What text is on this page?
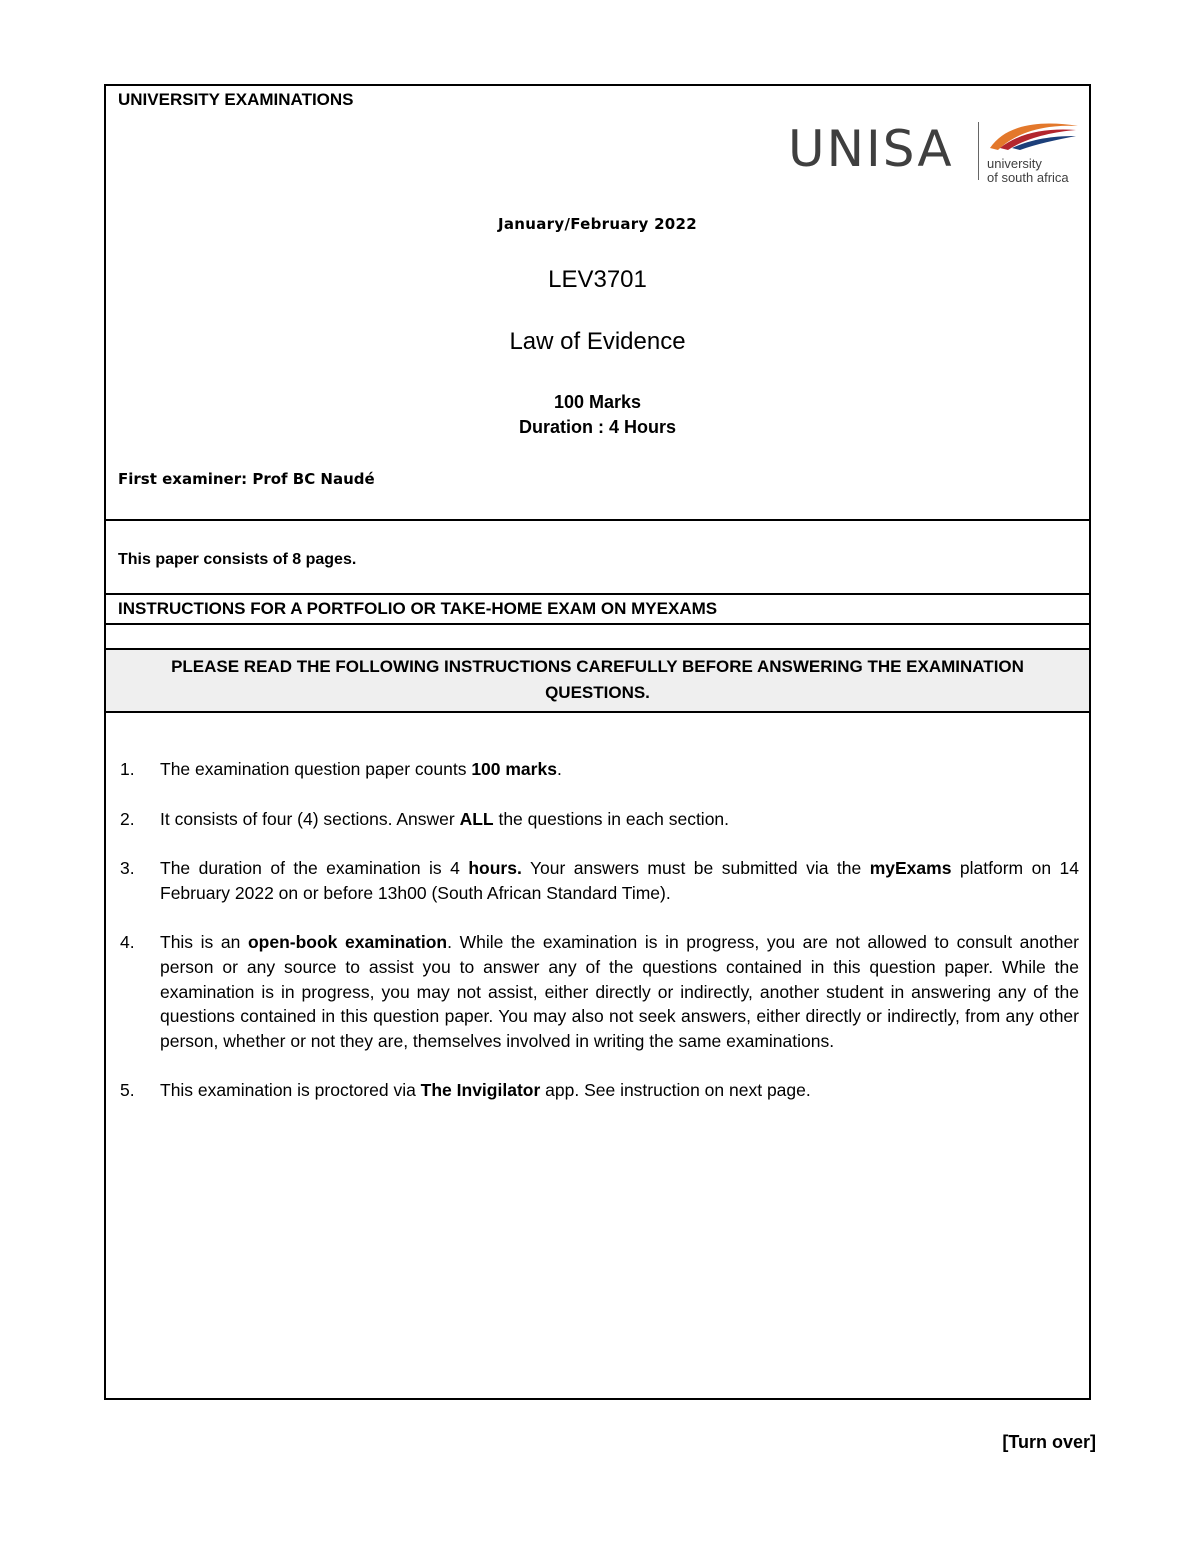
UNIVERSITY EXAMINATIONS
UNISA	university
of south africa
January/February 2022
LEV3701
Law of Evidence
100 Marks
Duration : 4 Hours
First examiner: Prof BC Naudé
This paper consists of 8 pages.
INSTRUCTIONS FOR A PORTFOLIO OR TAKE-HOME EXAM ON MYEXAMS
PLEASE READ THE FOLLOWING INSTRUCTIONS CAREFULLY BEFORE ANSWERING THE EXAMINATION QUESTIONS.
1. The examination question paper counts 100 marks.
2. It consists of four (4) sections. Answer ALL the questions in each section.
3. The duration of the examination is 4 hours. Your answers must be submitted via the myExams platform on 14 February 2022 on or before 13h00 (South African Standard Time).
4. This is an open-book examination. While the examination is in progress, you are not allowed to consult another person or any source to assist you to answer any of the questions contained in this question paper. While the examination is in progress, you may not assist, either directly or indirectly, another student in answering any of the questions contained in this question paper. You may also not seek answers, either directly or indirectly, from any other person, whether or not they are, themselves involved in writing the same examinations.
5. This examination is proctored via The Invigilator app. See instruction on next page.
[Turn over]
